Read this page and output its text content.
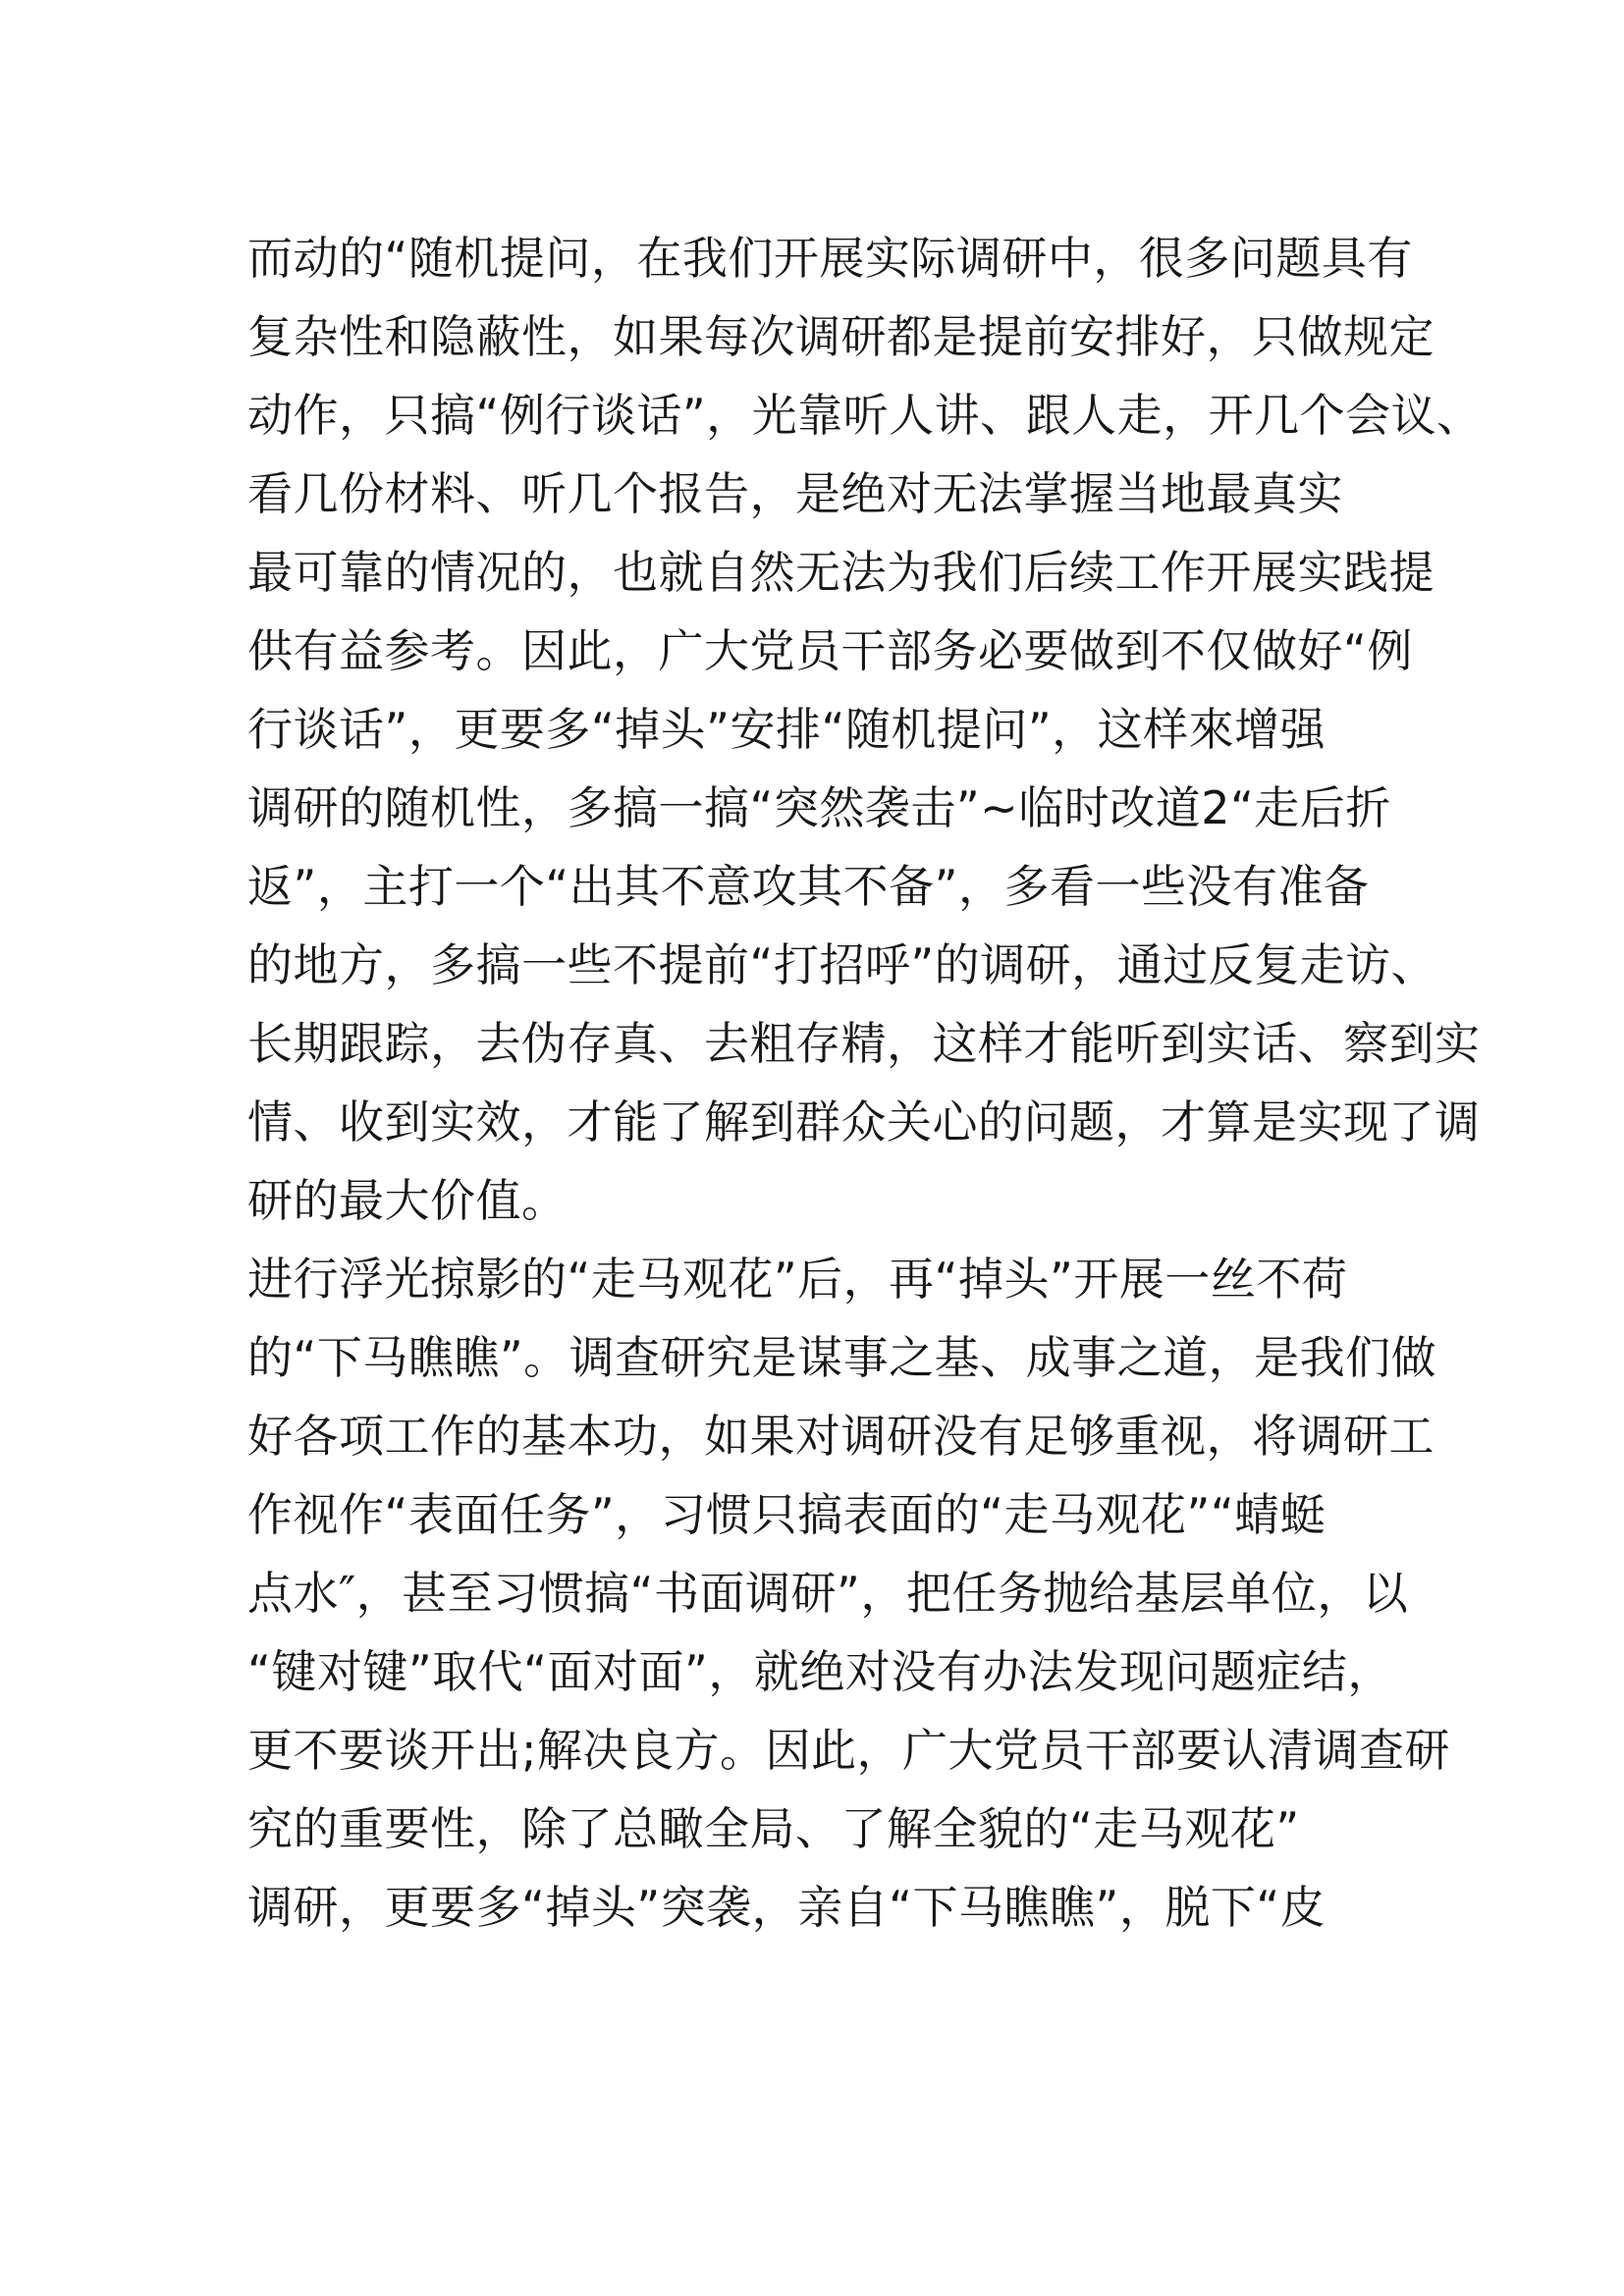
而动的“随机提问，在我们开展实际调研中，很多问题具有
复杂性和隐蔽性，如果每次调研都是提前安排好，只做规定
动作，只搞“例行谈话”，光靠听人讲、跟人走，开几个会议、
看几份材料、听几个报告，是绝对无法掌握当地最真实
最可靠的情况的，也就自然无法为我们后续工作开展实践提
供有益参考。因此，广大党员干部务必要做到不仅做好“例
行谈话”，更要多“掉头”安排“随机提问”，这样來增强
调研的随机性，多搞一搞“突然袭击”~临时改道2“走后折
返”，主打一个“出其不意攻其不备”，多看一些没有准备
的地方，多搞一些不提前“打招呼”的调研，通过反复走访、
长期跟踪，去伪存真、去粗存精，这样才能听到实话、察到实
情、收到实效，才能了解到群众关心的问题，才算是实现了调
研的最大价值。
进行浮光掠影的“走马观花”后，再“掉头”开展一丝不荷
的“下马瞧瞧”。调查研究是谋事之基、成事之道，是我们做
好各项工作的基本功，如果对调研没有足够重视，将调研工
作视作“表面任务”，习惯只搞表面的“走马观花”“蜻蜓
点水″，甚至习惯搞“书面调研”，把任务抛给基层单位，以
“键对键”取代“面对面”，就绝对没有办法发现问题症结，
更不要谈开出;解决良方。因此，广大党员干部要认清调查研
究的重要性，除了总瞰全局、了解全貌的“走马观花”
调研，更要多“掉头”突袭，亲自“下马瞧瞧”，脱下“皮
